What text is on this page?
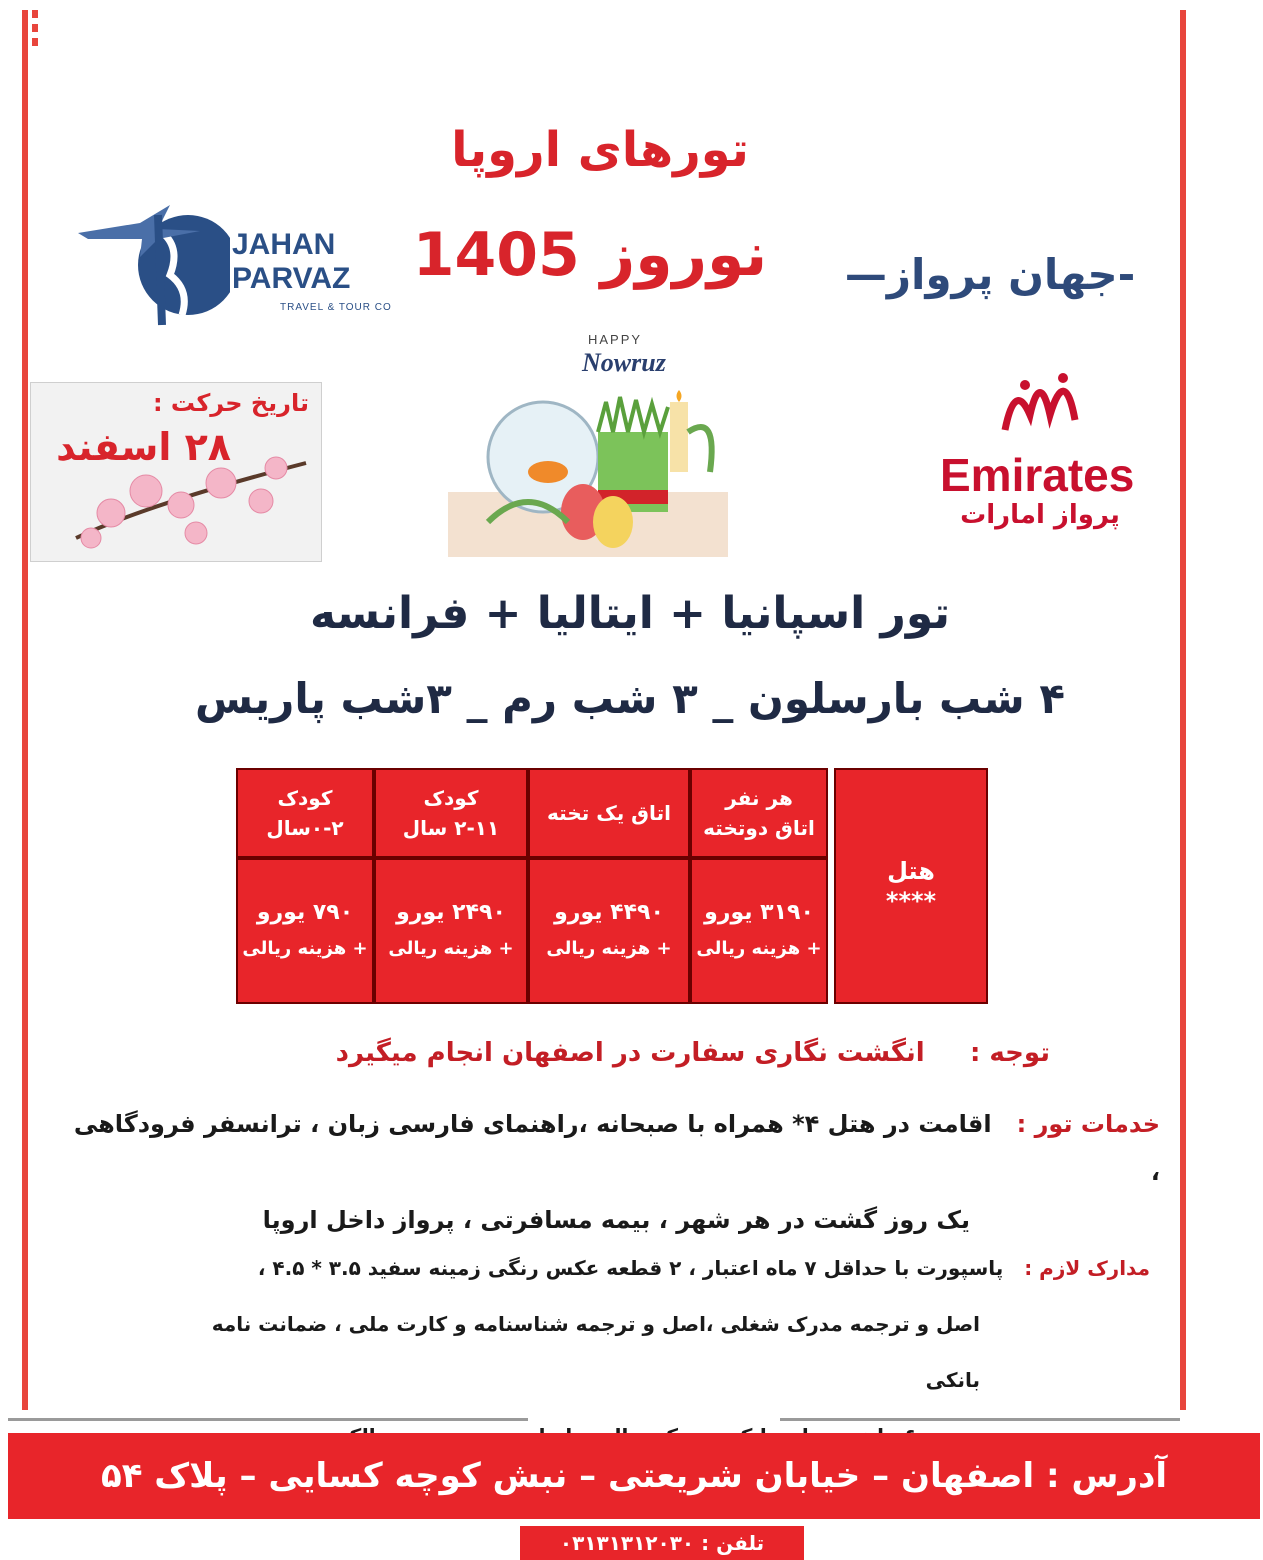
JAHAN
PARVAZ
TRAVEL & TOUR CO
تورهای اروپا
نوروز 1405	-جهان پرواز—
تاریخ حرکت :
۲۸ اسفند
HAPPY
Nowruz
Emirates
پرواز امارات
تور اسپانیا + ایتالیا + فرانسه
۴ شب بارسلون _ ۳ شب رم _ ۳شب پاریس
هتل
****
هر نفر
اتاق دوتخته
اتاق یک تخته
کودک
۲-۱۱ سال
کودک
۰-۲سال
۳۱۹۰ یورو
+ هزینه ریالی
۴۴۹۰ یورو
+ هزینه ریالی
۲۴۹۰ یورو
+ هزینه ریالی
۷۹۰ یورو
+ هزینه ریالی
توجه :     انگشت نگاری سفارت در اصفهان انجام میگیرد
خدمات تور :   اقامت در هتل ۴* همراه با صبحانه ،راهنمای فارسی زبان ، ترانسفر فرودگاهی ،
یک روز گشت در هر شهر ، بیمه مسافرتی ، پرواز داخل اروپا
مدارک لازم :   پاسپورت با حداقل ۷ ماه اعتبار ، ۲ قطعه عکس رنگی زمینه سفید ۳.۵ * ۴.۵ ،
اصل و ترجمه مدرک شغلی ،اصل و ترجمه شناسنامه و کارت ملی ، ضمانت نامه بانکی
آدرس : اصفهان – خیابان شریعتی – نبش کوچه کسایی – پلاک ۵۴
تلفن : ۰۳۱۳۱۳۱۲۰۳۰
